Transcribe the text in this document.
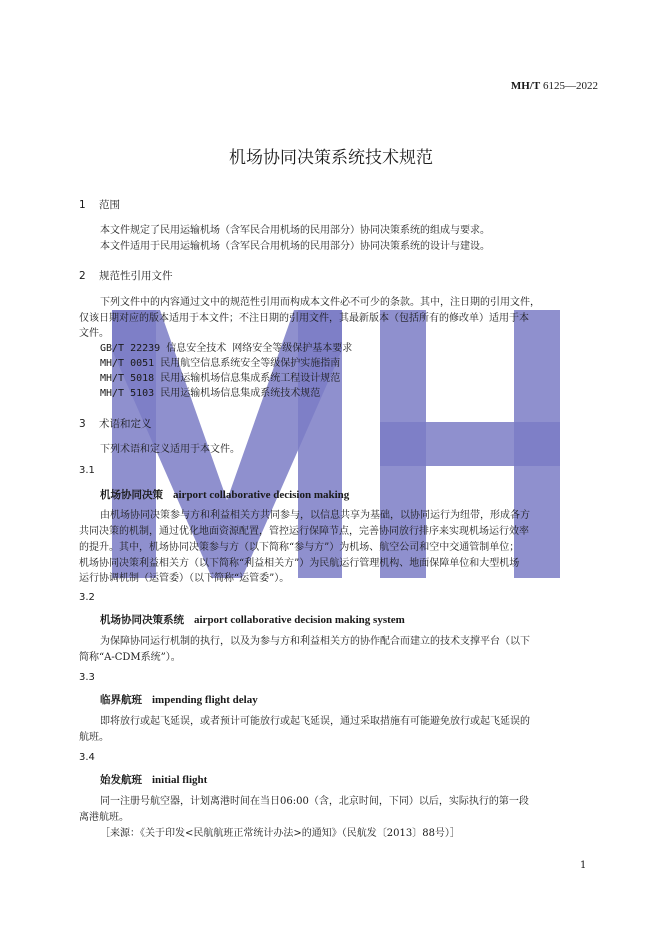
MH/T 6125—2022
机场协同决策系统技术规范
1 范围
本文件规定了民用运输机场（含军民合用机场的民用部分）协同决策系统的组成与要求。
本文件适用于民用运输机场（含军民合用机场的民用部分）协同决策系统的设计与建设。
2 规范性引用文件
下列文件中的内容通过文中的规范性引用而构成本文件必不可少的条款。其中，注日期的引用文件，
仅该日期对应的版本适用于本文件；不注日期的引用文件，其最新版本（包括所有的修改单）适用于本
文件。
GB/T 22239 信息安全技术 网络安全等级保护基本要求
MH/T 0051 民用航空信息系统安全等级保护实施指南
MH/T 5018 民用运输机场信息集成系统工程设计规范
MH/T 5103 民用运输机场信息集成系统技术规范
3 术语和定义
下列术语和定义适用于本文件。
3.1
机场协同决策 airport collaborative decision making
由机场协同决策参与方和利益相关方共同参与，以信息共享为基础，以协同运行为纽带，形成各方
共同决策的机制，通过优化地面资源配置，管控运行保障节点，完善协同放行排序来实现机场运行效率
的提升。其中，机场协同决策参与方（以下简称“参与方”）为机场、航空公司和空中交通管制单位；
机场协同决策利益相关方（以下简称“利益相关方”）为民航运行管理机构、地面保障单位和大型机场
运行协调机制（运管委）（以下简称“运管委”）。
3.2
机场协同决策系统 airport collaborative decision making system
为保障协同运行机制的执行，以及为参与方和利益相关方的协作配合而建立的技术支撑平台（以下
简称“A-CDM系统”）。
3.3
临界航班 impending flight delay
即将放行或起飞延误，或者预计可能放行或起飞延误，通过采取措施有可能避免放行或起飞延误的
航班。
3.4
始发航班 initial flight
同一注册号航空器，计划离港时间在当日06:00（含，北京时间，下同）以后，实际执行的第一段
离港航班。
［来源：《关于印发<民航航班正常统计办法>的通知》（民航发〔2013〕88号）］
1
